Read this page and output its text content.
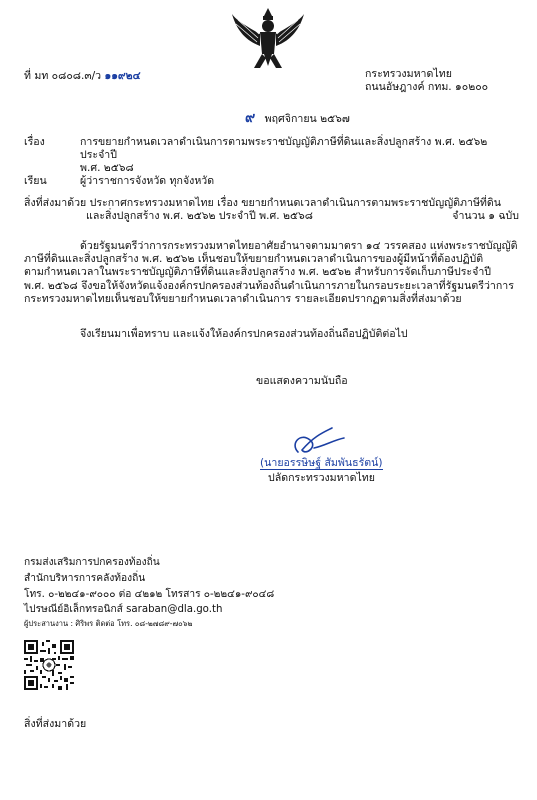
ที่ มท ๐๘๐๘.๓/ว ๑๑๙๒๔	กระทรวงมหาดไทย
ถนนอัษฎางค์ กทม. ๑๐๒๐๐
๙ พฤศจิกายน ๒๕๖๗
เรื่อง	การขยายกำหนดเวลาดำเนินการตามพระราชบัญญัติภาษีที่ดินและสิ่งปลูกสร้าง พ.ศ. ๒๕๖๒ ประจำปี
พ.ศ. ๒๕๖๘
เรียน	ผู้ว่าราชการจังหวัด ทุกจังหวัด
สิ่งที่ส่งมาด้วย ประกาศกระทรวงมหาดไทย เรื่อง ขยายกำหนดเวลาดำเนินการตามพระราชบัญญัติภาษีที่ดิน
และสิ่งปลูกสร้าง พ.ศ. ๒๕๖๒ ประจำปี พ.ศ. ๒๕๖๘	จำนวน ๑ ฉบับ

ด้วยรัฐมนตรีว่าการกระทรวงมหาดไทยอาศัยอำนาจตามมาตรา ๑๔ วรรคสอง แห่งพระราชบัญญัติ

ภาษีที่ดินและสิ่งปลูกสร้าง พ.ศ. ๒๕๖๒ เห็นชอบให้ขยายกำหนดเวลาดำเนินการของผู้มีหน้าที่ต้องปฏิบัติ
ตามกำหนดเวลาในพระราชบัญญัติภาษีที่ดินและสิ่งปลูกสร้าง พ.ศ. ๒๕๖๒ สำหรับการจัดเก็บภาษีประจำปี
พ.ศ. ๒๕๖๘ จึงขอให้จังหวัดแจ้งองค์กรปกครองส่วนท้องถิ่นดำเนินการภายในกรอบระยะเวลาที่รัฐมนตรีว่าการ
กระทรวงมหาดไทยเห็นชอบให้ขยายกำหนดเวลาดำเนินการ รายละเอียดปรากฏตามสิ่งที่ส่งมาด้วย
จึงเรียนมาเพื่อทราบ และแจ้งให้องค์กรปกครองส่วนท้องถิ่นถือปฏิบัติต่อไป
ขอแสดงความนับถือ
(นายอรรษิษฐ์ สัมพันธรัตน์)
ปลัดกระทรวงมหาดไทย
กรมส่งเสริมการปกครองท้องถิ่น
สำนักบริหารการคลังท้องถิ่น
โทร. ๐-๒๒๔๑-๙๐๐๐ ต่อ ๔๒๑๒ โทรสาร ๐-๒๒๔๑-๙๐๔๘
ไปรษณีย์อิเล็กทรอนิกส์ saraban@dla.go.th
ผู้ประสานงาน : ศิริพร ติดต่อ โทร. ๐๘-๒๗๘๙-๗๐๖๒
สิ่งที่ส่งมาด้วย
